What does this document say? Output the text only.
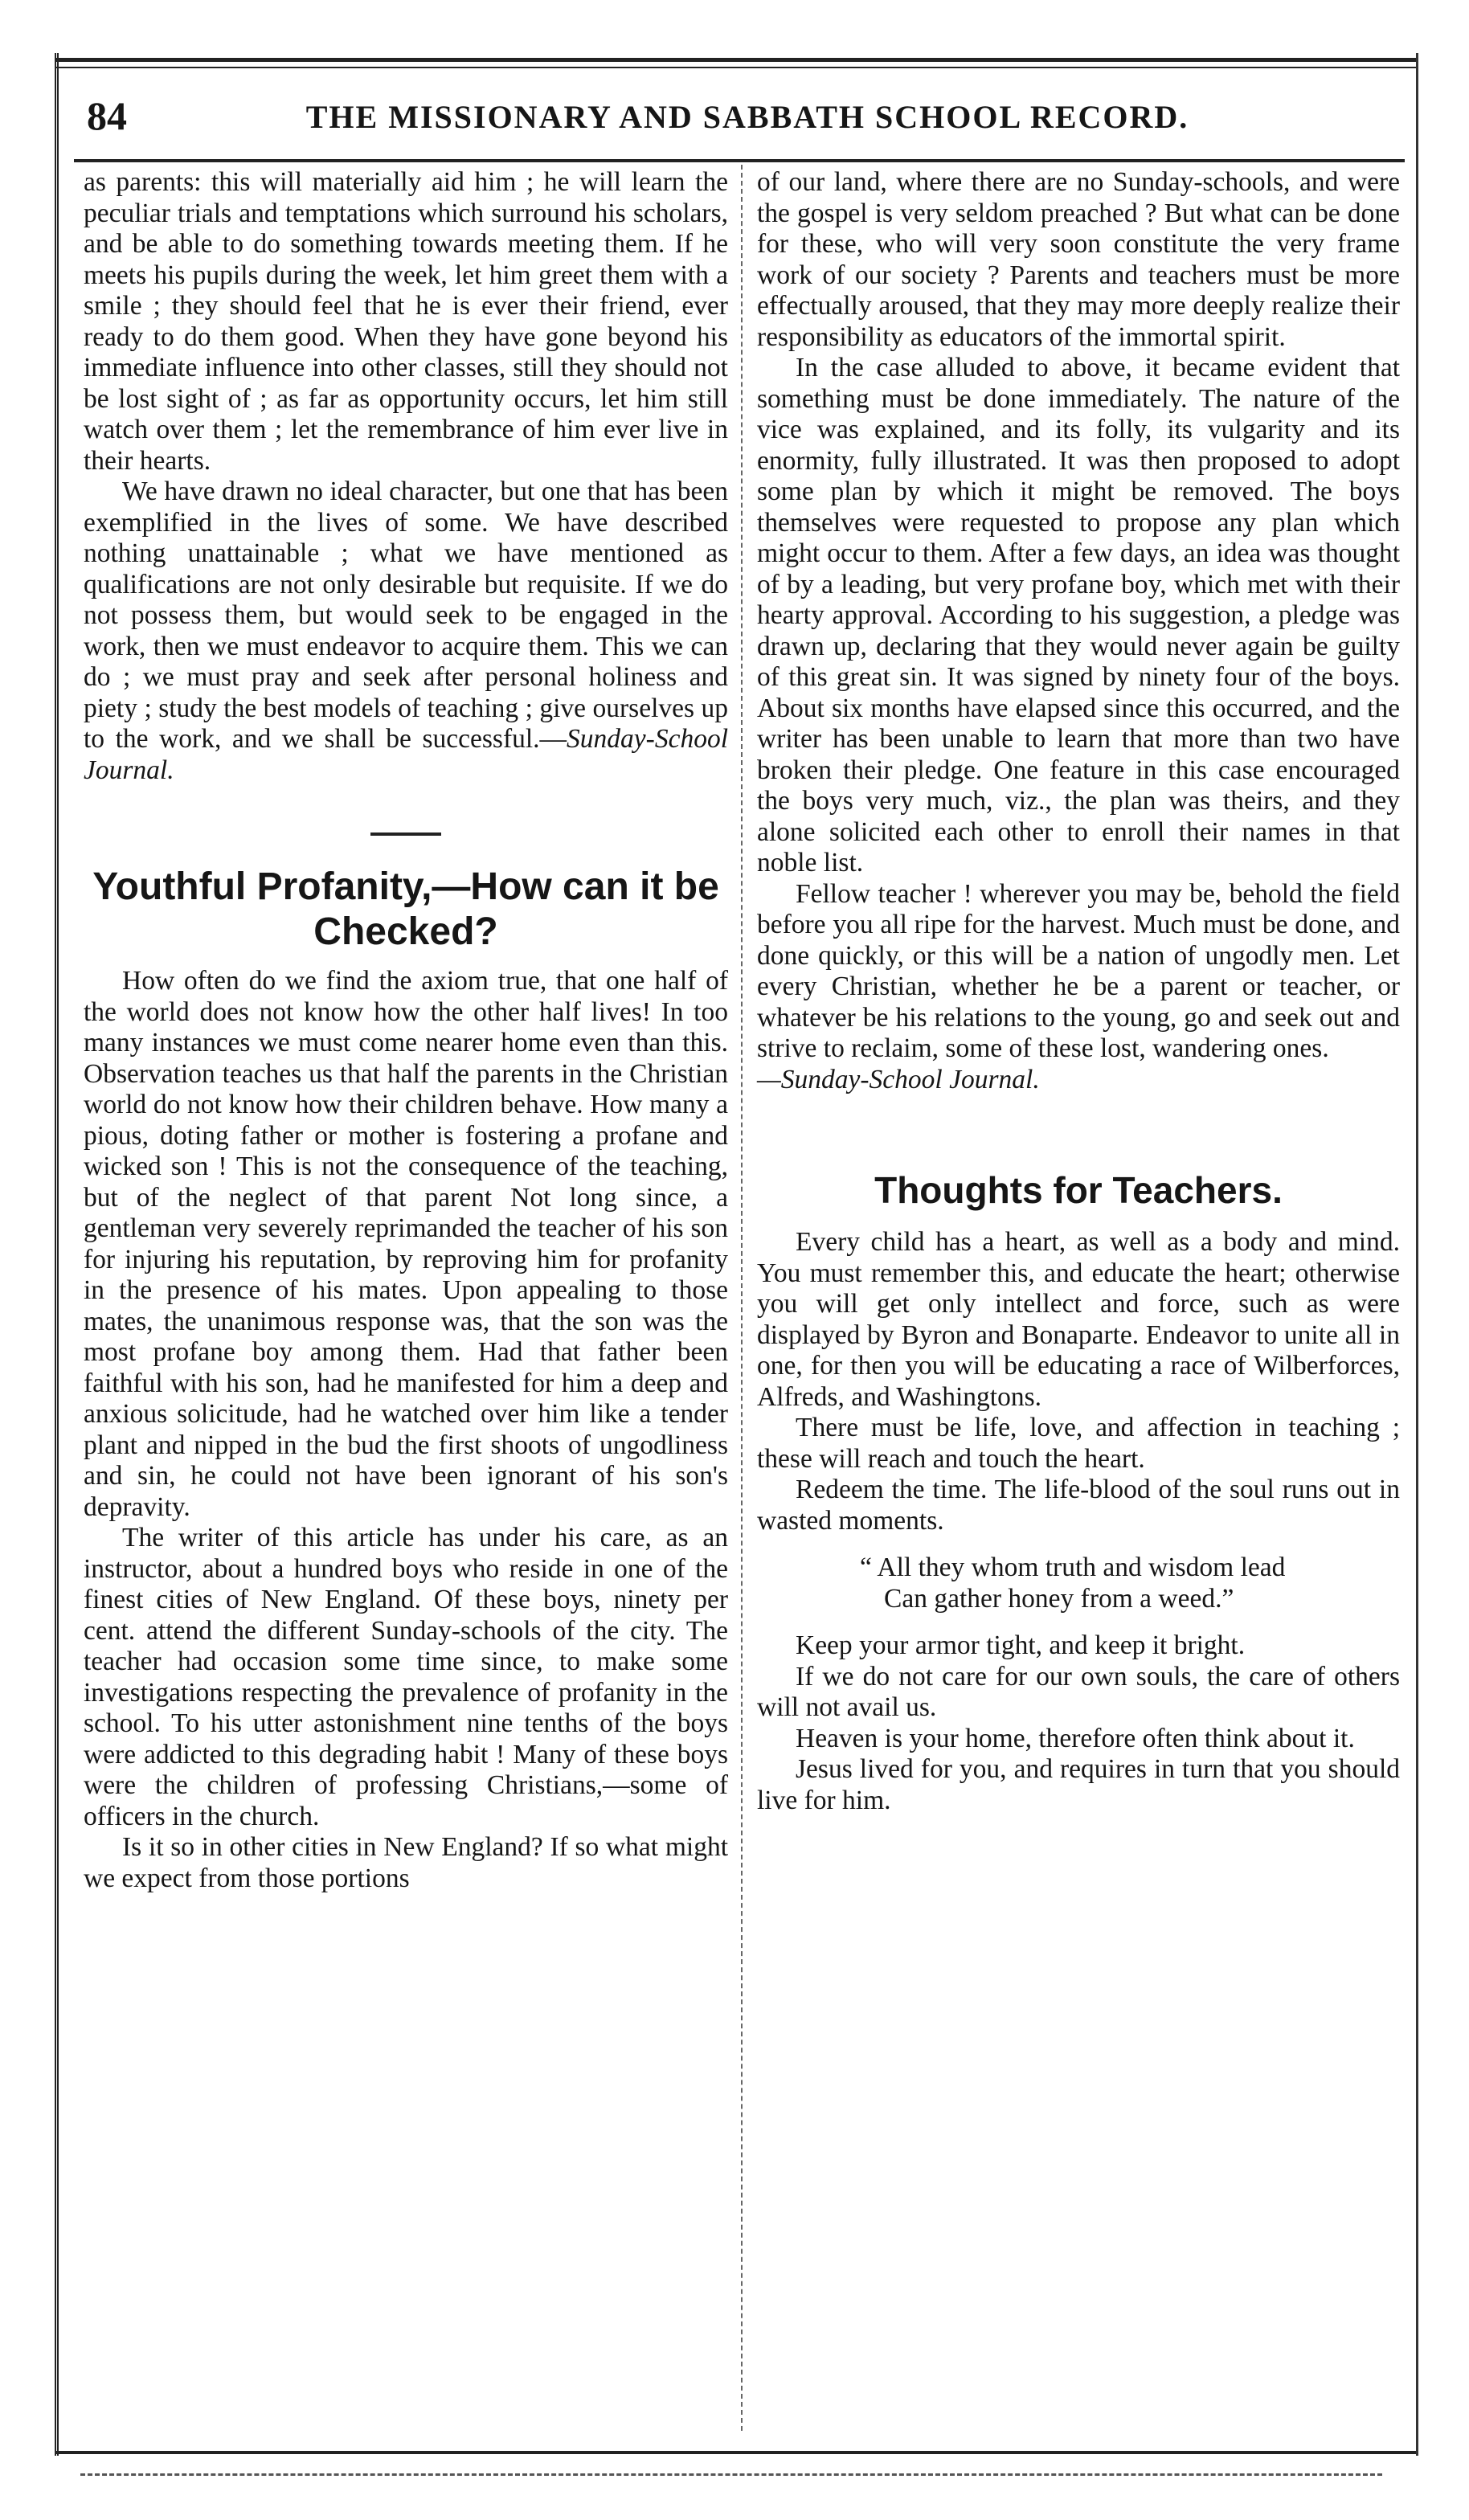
84	THE MISSIONARY AND SABBATH SCHOOL RECORD.

as parents: this will materially aid him ; he will learn the peculiar trials and temptations which surround his scholars, and be able to do something towards meeting them. If he meets his pupils during the week, let him greet them with a smile ; they should feel that he is ever their friend, ever ready to do them good. When they have gone beyond his immediate influence into other classes, still they should not be lost sight of ; as far as opportunity occurs, let him still watch over them ; let the remembrance of him ever live in their hearts.

We have drawn no ideal character, but one that has been exemplified in the lives of some. We have described nothing unattainable ; what we have mentioned as qualifications are not only desirable but requisite. If we do not possess them, but would seek to be engaged in the work, then we must endeavor to acquire them. This we can do ; we must pray and seek after personal holiness and piety ; study the best models of teaching ; give ourselves up to the work, and we shall be successful.—Sunday-School Journal.

Youthful Profanity,—How can it be Checked?

How often do we find the axiom true, that one half of the world does not know how the other half lives! In too many instances we must come nearer home even than this. Observation teaches us that half the parents in the Christian world do not know how their children behave. How many a pious, doting father or mother is fostering a profane and wicked son ! This is not the consequence of the teaching, but of the neglect of that parent Not long since, a gentleman very severely reprimanded the teacher of his son for injuring his reputation, by reproving him for profanity in the presence of his mates. Upon appealing to those mates, the unanimous response was, that the son was the most profane boy among them. Had that father been faithful with his son, had he manifested for him a deep and anxious solicitude, had he watched over him like a tender plant and nipped in the bud the first shoots of ungodliness and sin, he could not have been ignorant of his son's depravity.

The writer of this article has under his care, as an instructor, about a hundred boys who reside in one of the finest cities of New England. Of these boys, ninety per cent. attend the different Sunday-schools of the city. The teacher had occasion some time since, to make some investigations respecting the prevalence of profanity in the school. To his utter astonishment nine tenths of the boys were addicted to this degrading habit ! Many of these boys were the children of professing Christians,—some of officers in the church.

Is it so in other cities in New England? If so what might we expect from those portions

of our land, where there are no Sunday-schools, and were the gospel is very seldom preached ? But what can be done for these, who will very soon constitute the very frame work of our society ? Parents and teachers must be more effectually aroused, that they may more deeply realize their responsibility as educators of the immortal spirit.

In the case alluded to above, it became evident that something must be done immediately. The nature of the vice was explained, and its folly, its vulgarity and its enormity, fully illustrated. It was then proposed to adopt some plan by which it might be removed. The boys themselves were requested to propose any plan which might occur to them. After a few days, an idea was thought of by a leading, but very profane boy, which met with their hearty approval. According to his suggestion, a pledge was drawn up, declaring that they would never again be guilty of this great sin. It was signed by ninety four of the boys. About six months have elapsed since this occurred, and the writer has been unable to learn that more than two have broken their pledge. One feature in this case encouraged the boys very much, viz., the plan was theirs, and they alone solicited each other to enroll their names in that noble list.

Fellow teacher ! wherever you may be, behold the field before you all ripe for the harvest. Much must be done, and done quickly, or this will be a nation of ungodly men. Let every Christian, whether he be a parent or teacher, or whatever be his relations to the young, go and seek out and strive to reclaim, some of these lost, wandering ones.

—Sunday-School Journal.

Thoughts for Teachers.

Every child has a heart, as well as a body and mind. You must remember this, and educate the heart; otherwise you will get only intellect and force, such as were displayed by Byron and Bonaparte. Endeavor to unite all in one, for then you will be educating a race of Wilberforces, Alfreds, and Washingtons.

There must be life, love, and affection in teaching ; these will reach and touch the heart.

Redeem the time. The life-blood of the soul runs out in wasted moments.

“ All they whom truth and wisdom lead

Can gather honey from a weed.”

Keep your armor tight, and keep it bright.

If we do not care for our own souls, the care of others will not avail us.

Heaven is your home, therefore often think about it.

Jesus lived for you, and requires in turn that you should live for him.
